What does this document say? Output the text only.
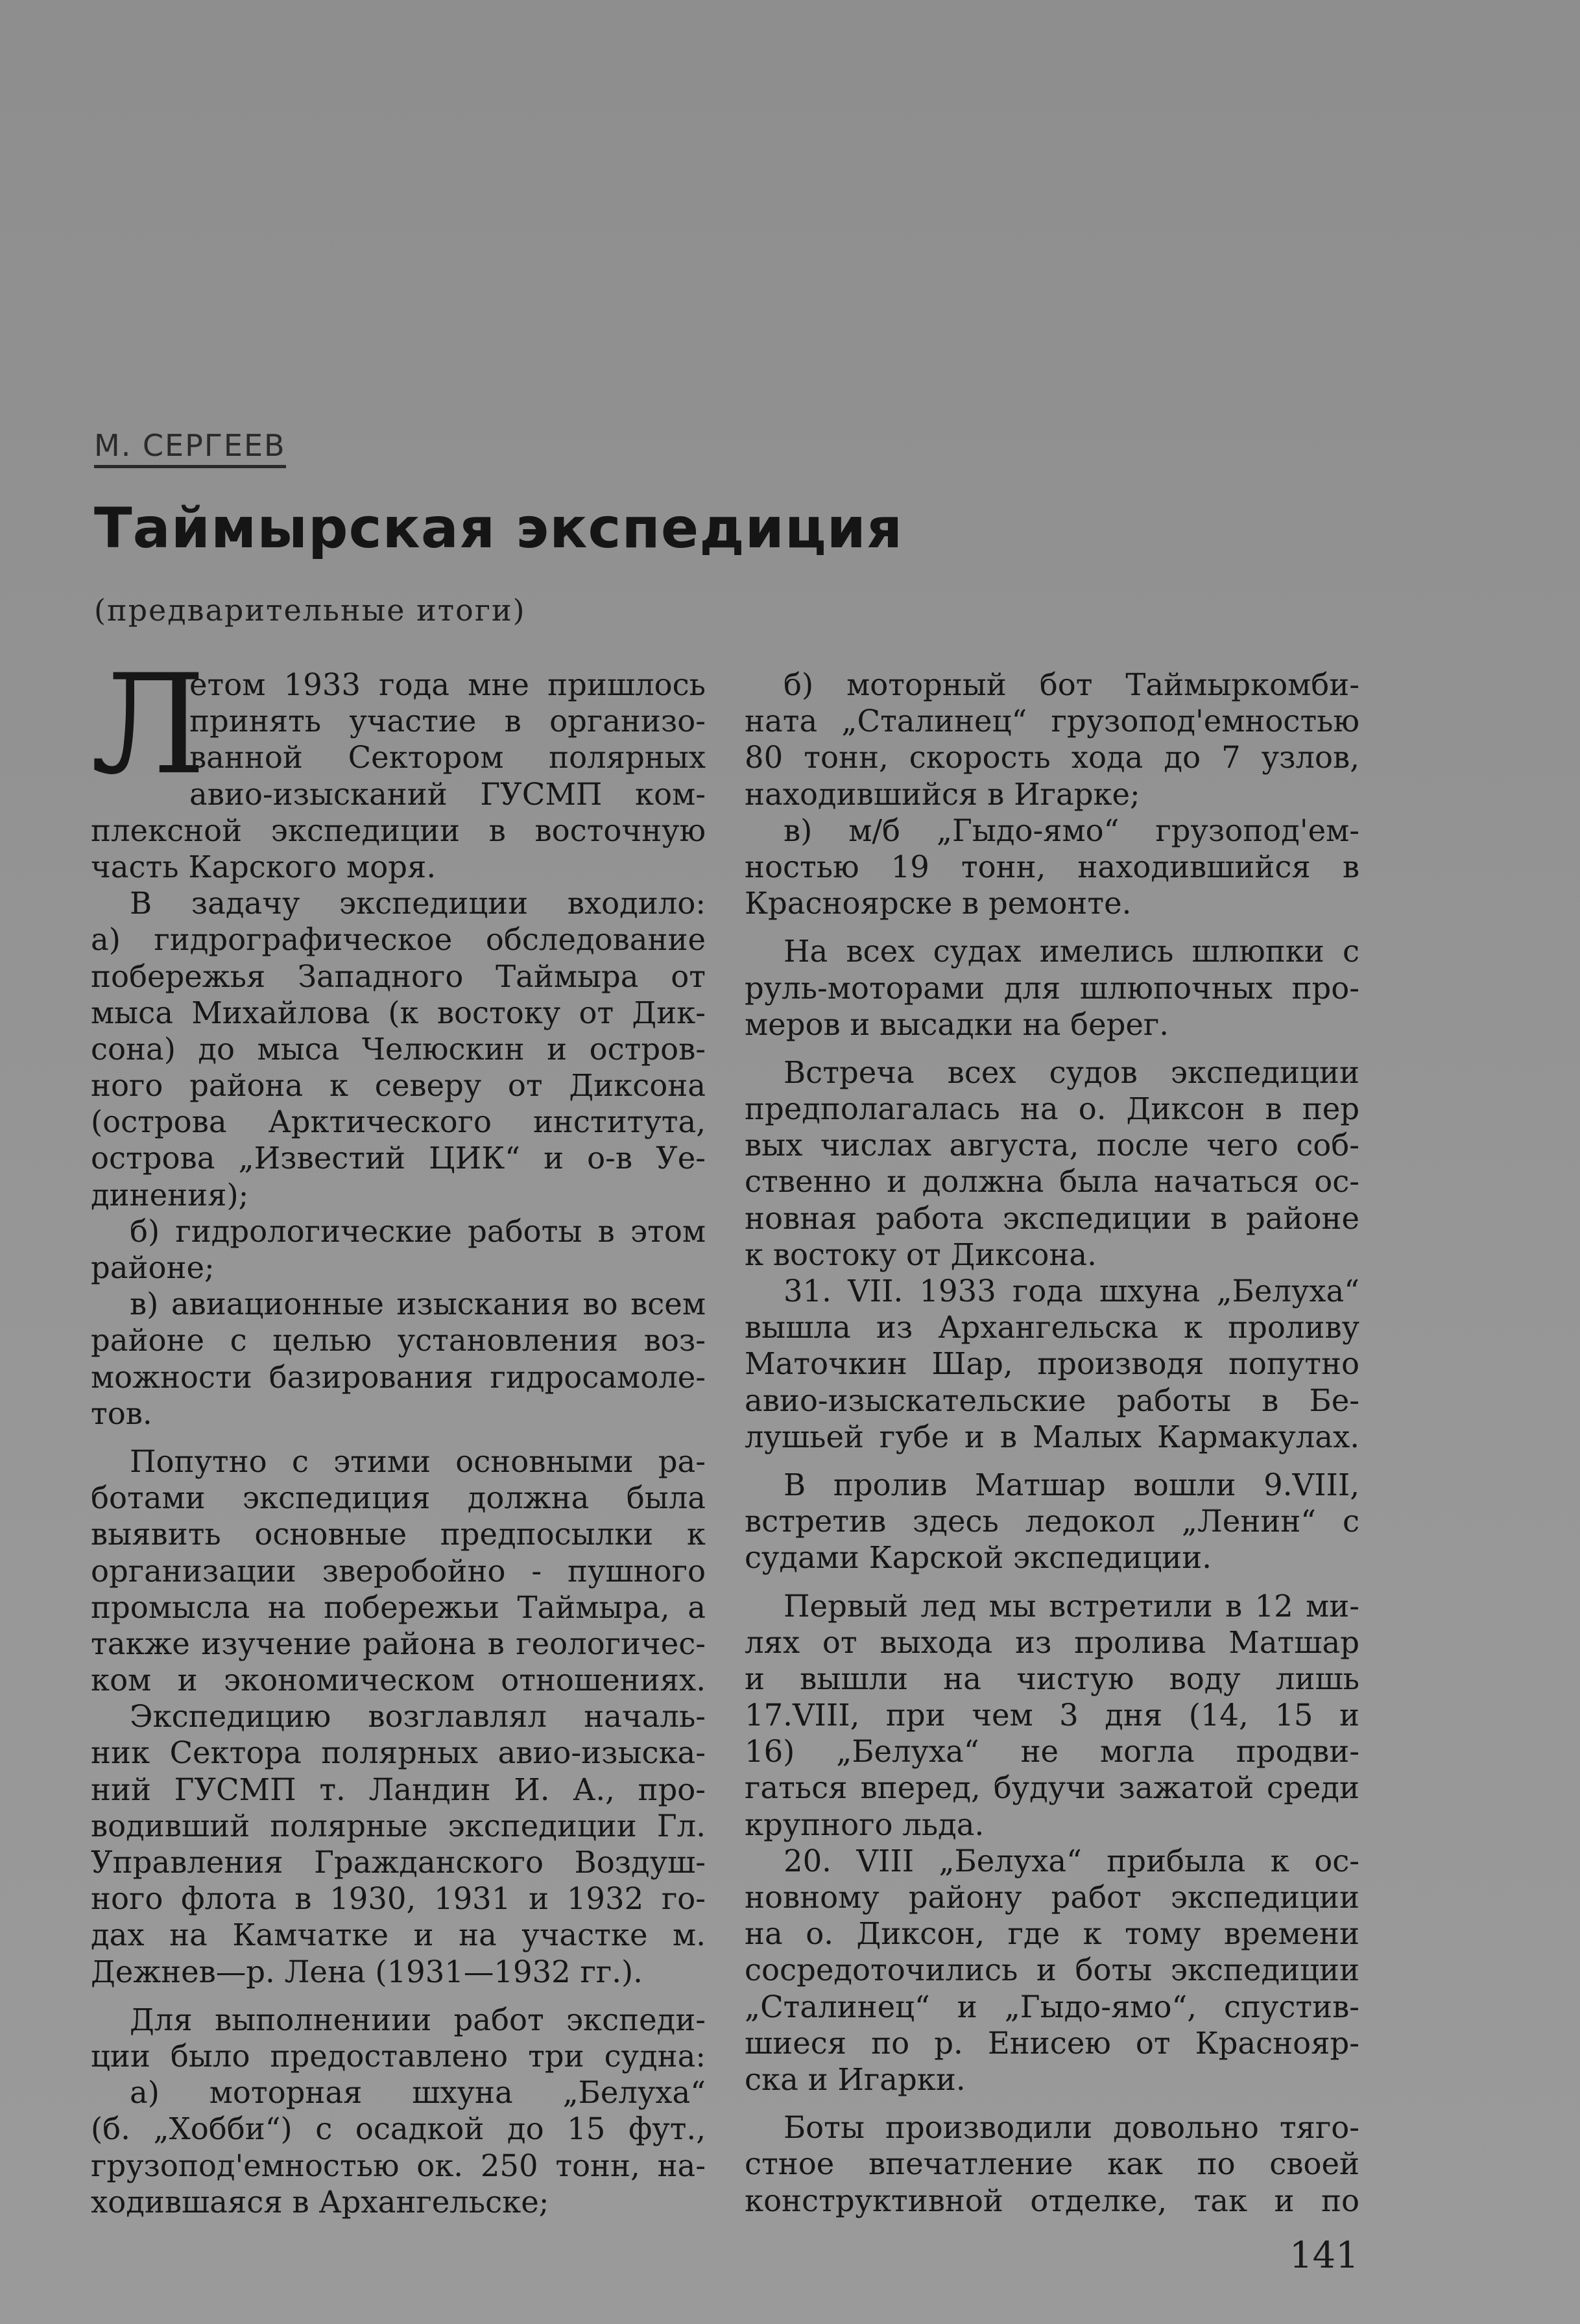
М. СЕРГЕЕВ
Таймырская экспедиция
(предварительные итоги)
Л
етом 1933 года мне пришлось
принять участие в организо-
ванной Сектором полярных
авио-изысканий ГУСМП ком-
плексной экспедиции в восточную
часть Карского моря.
В задачу экспедиции входило:
а) гидрографическое обследование
побережья Западного Таймыра от
мыса Михайлова (к востоку от Дик-
сона) до мыса Челюскин и остров-
ного района к северу от Диксона
(острова Арктического института,
острова „Известий ЦИК“ и о-в Уе-
динения);
б) гидрологические работы в этом
районе;
в) авиационные изыскания во всем
районе с целью установления воз-
можности базирования гидросамоле-
тов.
Попутно с этими основными ра-
ботами экспедиция должна была
выявить основные предпосылки к
организации зверобойно - пушного
промысла на побережьи Таймыра, а
также изучение района в геологичес-
ком и экономическом отношениях.
Экспедицию возглавлял началь-
ник Сектора полярных авио-изыска-
ний ГУСМП т. Ландин И. А., про-
водивший полярные экспедиции Гл.
Управления Гражданского Воздуш-
ного флота в 1930, 1931 и 1932 го-
дах на Камчатке и на участке м.
Дежнев—р. Лена (1931—1932 гг.).
Для выполнениии работ экспеди-
ции было предоставлено три судна:
а) моторная шхуна „Белуха“
(б. „Хобби“) с осадкой до 15 фут.,
грузопод'емностью ок. 250 тонн, на-
ходившаяся в Архангельске;
б) моторный бот Таймыркомби-
ната „Сталинец“ грузопод'емностью
80 тонн, скорость хода до 7 узлов,
находившийся в Игарке;
в) м/б „Гыдо-ямо“ грузопод'ем-
ностью 19 тонн, находившийся в
Красноярске в ремонте.
На всех судах имелись шлюпки с
руль-моторами для шлюпочных про-
меров и высадки на берег.
Встреча всех судов экспедиции
предполагалась на о. Диксон в пер
вых числах августа, после чего соб-
ственно и должна была начаться ос-
новная работа экспедиции в районе
к востоку от Диксона.
31. VII. 1933 года шхуна „Белуха“
вышла из Архангельска к проливу
Маточкин Шар, производя попутно
авио-изыскательские работы в Бе-
лушьей губе и в Малых Кармакулах.
В пролив Матшар вошли 9.VIII,
встретив здесь ледокол „Ленин“ с
судами Карской экспедиции.
Первый лед мы встретили в 12 ми-
лях от выхода из пролива Матшар
и вышли на чистую воду лишь
17.VIII, при чем 3 дня (14, 15 и
16) „Белуха“ не могла продви-
гаться вперед, будучи зажатой среди
крупного льда.
20. VIII „Белуха“ прибыла к ос-
новному району работ экспедиции
на о. Диксон, где к тому времени
сосредоточились и боты экспедиции
„Сталинец“ и „Гыдо-ямо“, спустив-
шиеся по р. Енисею от Краснояр-
ска и Игарки.
Боты производили довольно тяго-
стное впечатление как по своей
конструктивной отделке, так и по
141
